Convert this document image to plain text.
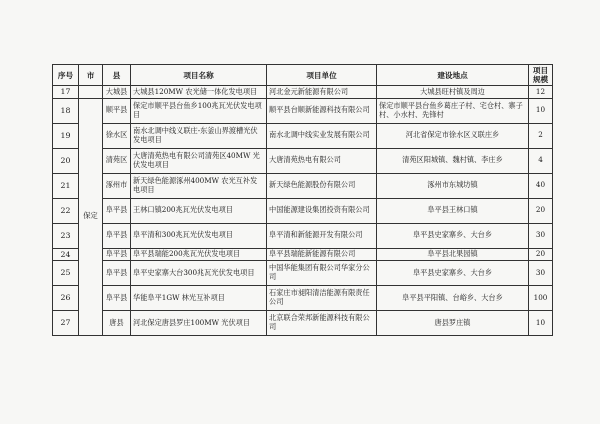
序号	市	县	项目名称	项目单位	建设地点	项目规模
17		大城县	大城县120MW 农光储一体化发电项目	河北金元新能源有限公司	大城县旺村镇及周边	12
18	保定	顺平县	保定市顺平县台鱼乡100兆瓦光伏发电项目	顺平县台顺新能源科技有限公司	保定市顺平县台鱼乡葛庄子村、宅仓村、寨子村、小水村、先锋村	10
19		徐水区	南水北调中线义联庄-东釜山界渡槽光伏发电项目	南水北调中线实业发展有限公司	河北省保定市徐水区义联庄乡	2
20		清苑区	大唐清苑热电有限公司清苑区40MW 光伏发电项目	大唐清苑热电有限公司	清苑区阳城镇、魏村镇、李庄乡	4
21		涿州市	新天绿色能源涿州400MW 农光互补发电项目	新天绿色能源股份有限公司	涿州市东城坊镇	40
22		阜平县	王林口镇200兆瓦光伏发电项目	中国能源建设集团投资有限公司	阜平县王林口镇	20
23		阜平县	阜平清和300兆瓦光伏发电项目	阜平清和新能源开发有限公司	阜平县史家寨乡、大台乡	30
24		阜平县	阜平县瑞能200兆瓦光伏发电项目	阜平县瑞能新能源有限公司	阜平县北果园镇	20
25		阜平县	阜平史家寨大台300兆瓦光伏发电项目	中国华能集团有限公司华家分公司	阜平县史家寨乡、大台乡	30
26		阜平县	华能阜平1GW 林光互补项目	石家庄市昶阳清洁能源有限责任公司	阜平县平阳镇、台峪乡、大台乡	100
27		唐县	河北保定唐县罗庄100MW 光伏项目	北京联合荣邦新能源科技有限公司	唐县罗庄镇	10
